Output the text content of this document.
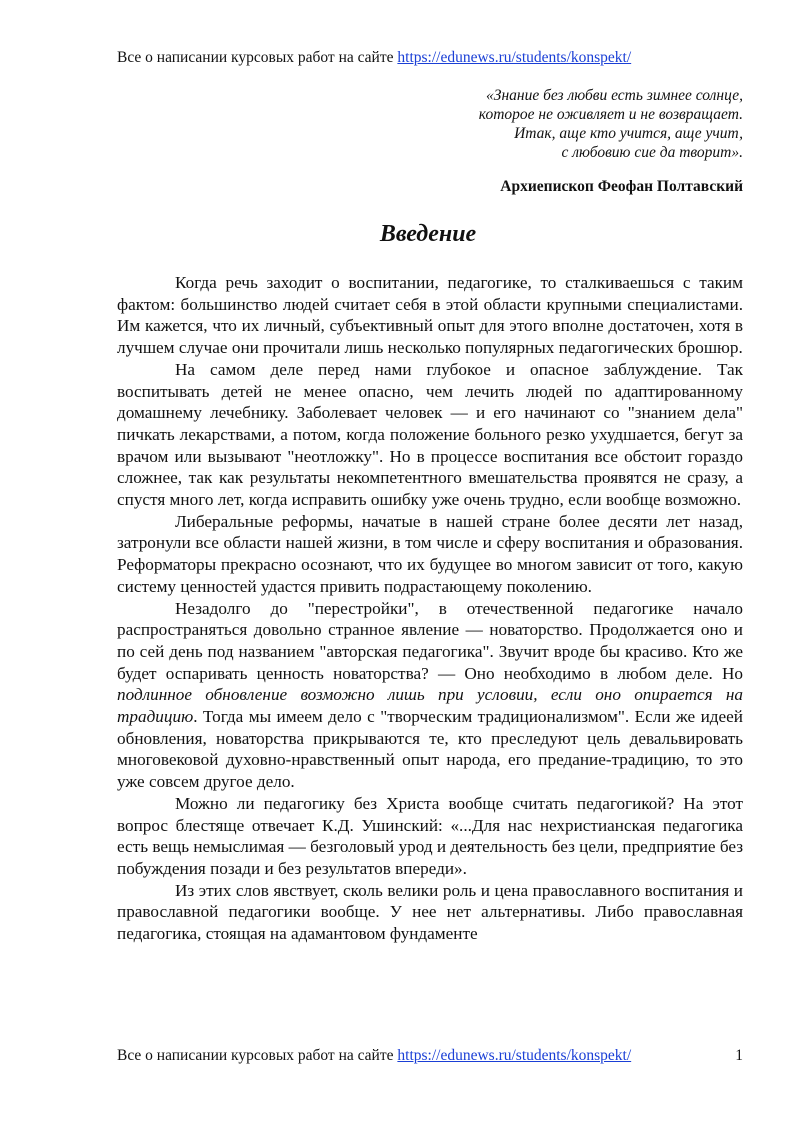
Все о написании курсовых работ на сайте https://edunews.ru/students/konspekt/
«Знание без любви есть зимнее солнце,
которое не оживляет и не возвращает.
Итак, аще кто учится, аще учит,
с любовию сие да творит».
Архиепископ Феофан Полтавский
Введение

Когда речь заходит о воспитании, педагогике, то сталкиваешься с таким фактом: большинство людей считает себя в этой области крупными специалистами. Им кажется, что их личный, субъективный опыт для этого вполне достаточен, хотя в лучшем случае они прочитали лишь несколько популярных педагогических брошюр.

На самом деле перед нами глубокое и опасное заблуждение. Так воспитывать детей не менее опасно, чем лечить людей по адаптированному домашнему лечебнику. Заболевает человек — и его начинают со "знанием дела" пичкать лекарствами, а потом, когда положение больного резко ухудшается, бегут за врачом или вызывают "неотложку". Но в процессе воспитания все обстоит гораздо сложнее, так как результаты некомпетентного вмешательства проявятся не сразу, а спустя много лет, когда исправить ошибку уже очень трудно, если вообще возможно.

Либеральные реформы, начатые в нашей стране более десяти лет назад, затронули все области нашей жизни, в том числе и сферу воспитания и образования. Реформаторы прекрасно осознают, что их будущее во многом зависит от того, какую систему ценностей удастся привить подрастающему поколению.

Незадолго до "перестройки", в отечественной педагогике начало распространяться довольно странное явление — новаторство. Продолжается оно и по сей день под названием "авторская педагогика". Звучит вроде бы красиво. Кто же будет оспаривать ценность новаторства? — Оно необходимо в любом деле. Но подлинное обновление возможно лишь при условии, если оно опирается на традицию. Тогда мы имеем дело с "творческим традиционализмом". Если же идеей обновления, новаторства прикрываются те, кто преследуют цель девальвировать многовековой духовно-нравственный опыт народа, его предание-традицию, то это уже совсем другое дело.

Можно ли педагогику без Христа вообще считать педагогикой? На этот вопрос блестяще отвечает К.Д. Ушинский: «...Для нас нехристианская педагогика есть вещь немыслимая — безголовый урод и деятельность без цели, предприятие без побуждения позади и без результатов впереди».

Из этих слов явствует, сколь велики роль и цена православного воспитания и православной педагогики вообще. У нее нет альтернативы. Либо православная педагогика, стоящая на адамантовом фундаменте

Все о написании курсовых работ на сайте https://edunews.ru/students/konspekt/	1
